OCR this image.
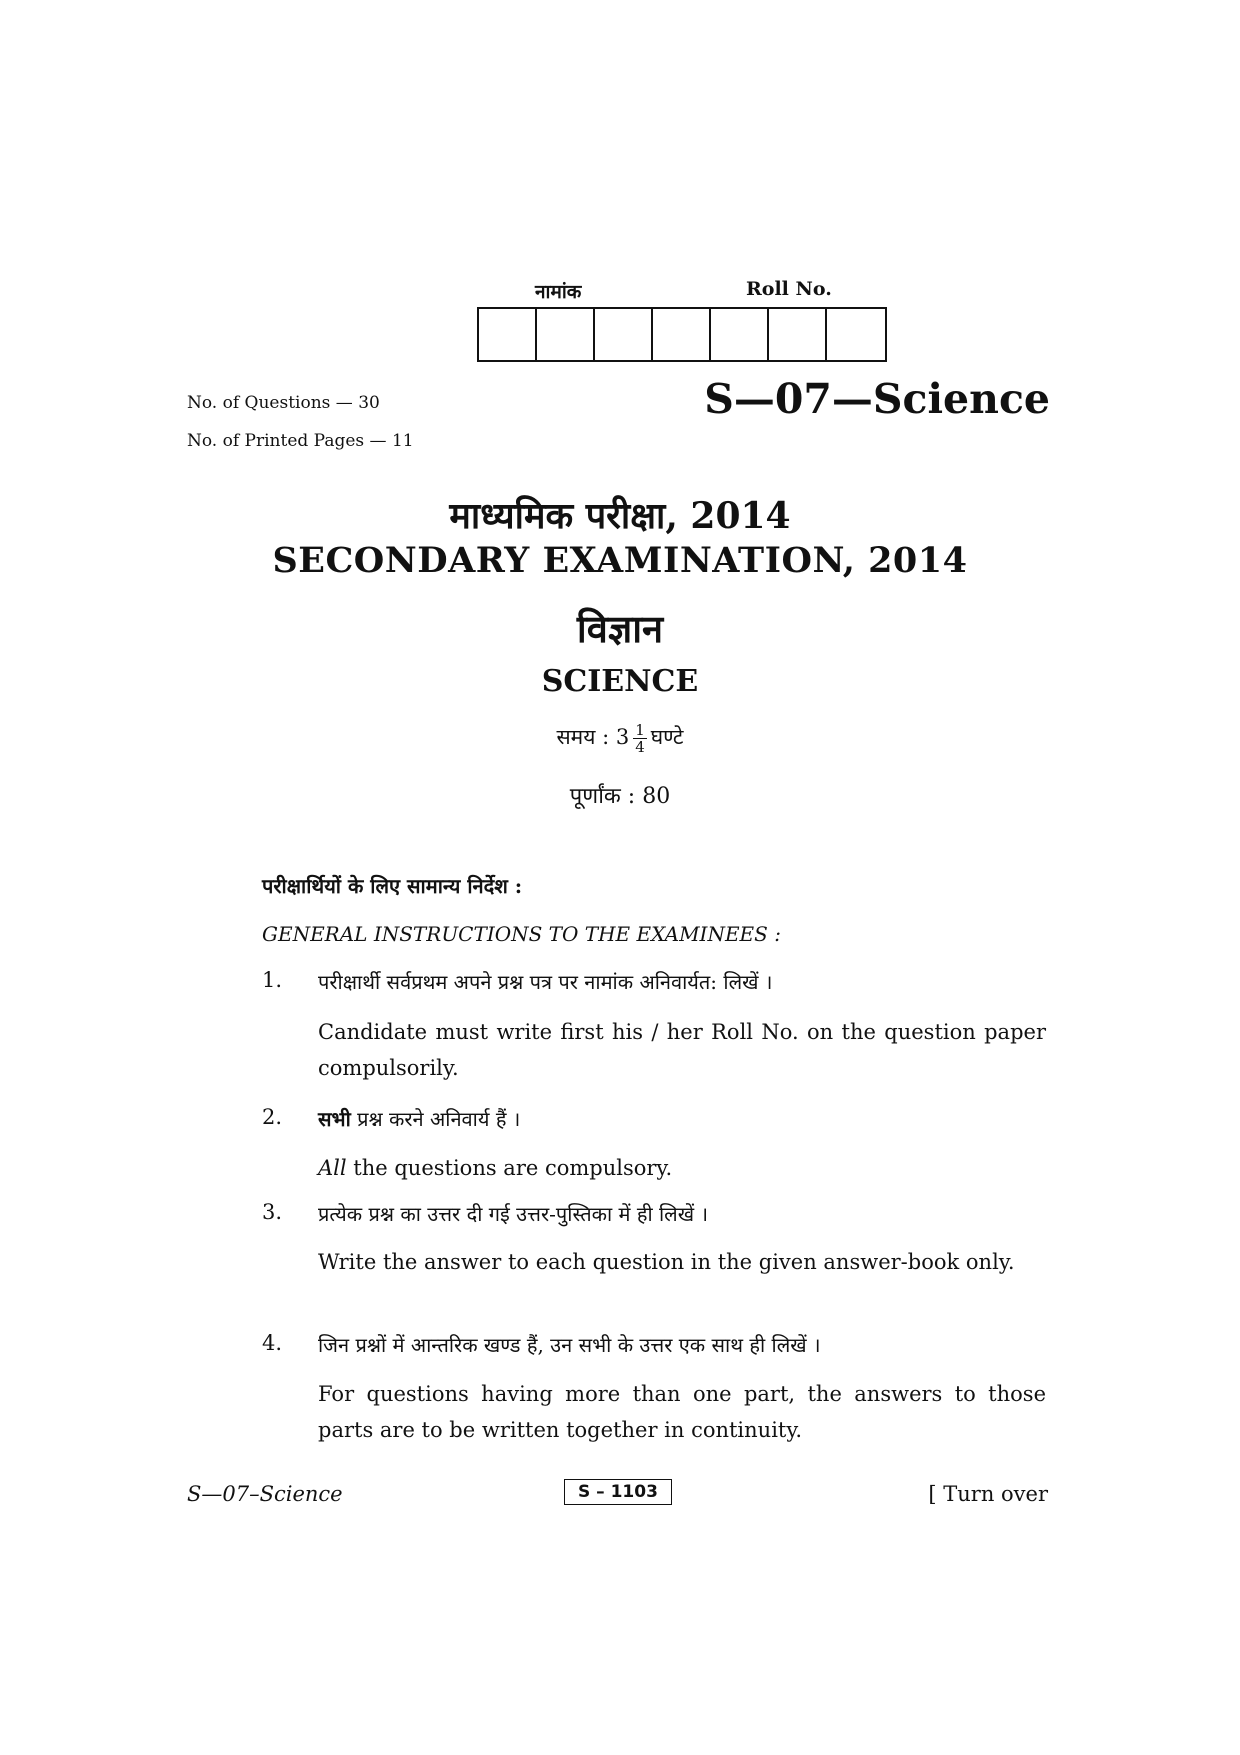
नामांक	Roll No.
No. of Questions — 30
No. of Printed Pages — 11
S—07—Science
माध्यमिक परीक्षा, 2014
SECONDARY EXAMINATION, 2014
विज्ञान
SCIENCE
समय : $3 \frac{1}{4}$ घण्टे
पूर्णांक : 80
परीक्षार्थियों के लिए सामान्य निर्देश :
GENERAL INSTRUCTIONS TO THE EXAMINEES :
1. परीक्षार्थी सर्वप्रथम अपने प्रश्न पत्र पर नामांक अनिवार्यत: लिखें ।
Candidate must write first his / her Roll No. on the question paper compulsorily.
2. सभी प्रश्न करने अनिवार्य हैं ।
All the questions are compulsory.
3. प्रत्येक प्रश्न का उत्तर दी गई उत्तर-पुस्तिका में ही लिखें ।
Write the answer to each question in the given answer-book only.
4. जिन प्रश्नों में आन्तरिक खण्ड हैं, उन सभी के उत्तर एक साथ ही लिखें ।
For questions having more than one part, the answers to those parts are to be written together in continuity.
S—07–Science	S – 1103	[ Turn over
